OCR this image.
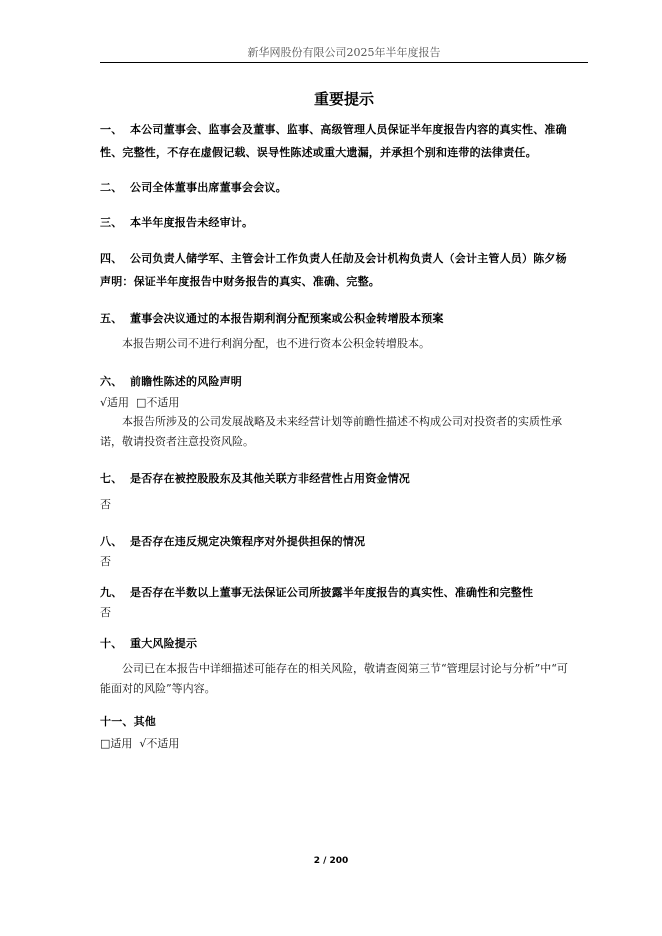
新华网股份有限公司2025年半年度报告
重要提示
一、 本公司董事会、监事会及董事、监事、高级管理人员保证半年度报告内容的真实性、准确
性、完整性，不存在虚假记载、误导性陈述或重大遗漏，并承担个别和连带的法律责任。
二、 公司全体董事出席董事会会议。
三、 本半年度报告未经审计。
四、 公司负责人储学军、主管会计工作负责人任劼及会计机构负责人（会计主管人员）陈夕杨
声明：保证半年度报告中财务报告的真实、准确、完整。
五、 董事会决议通过的本报告期利润分配预案或公积金转增股本预案
本报告期公司不进行利润分配，也不进行资本公积金转增股本。
六、 前瞻性陈述的风险声明
√适用 □不适用
本报告所涉及的公司发展战略及未来经营计划等前瞻性描述不构成公司对投资者的实质性承
诺，敬请投资者注意投资风险。
七、 是否存在被控股股东及其他关联方非经营性占用资金情况
否
八、 是否存在违反规定决策程序对外提供担保的情况
否
九、 是否存在半数以上董事无法保证公司所披露半年度报告的真实性、准确性和完整性
否
十、 重大风险提示
公司已在本报告中详细描述可能存在的相关风险，敬请查阅第三节“管理层讨论与分析”中“可
能面对的风险”等内容。
十一、其他
□适用 √不适用
2 / 200
